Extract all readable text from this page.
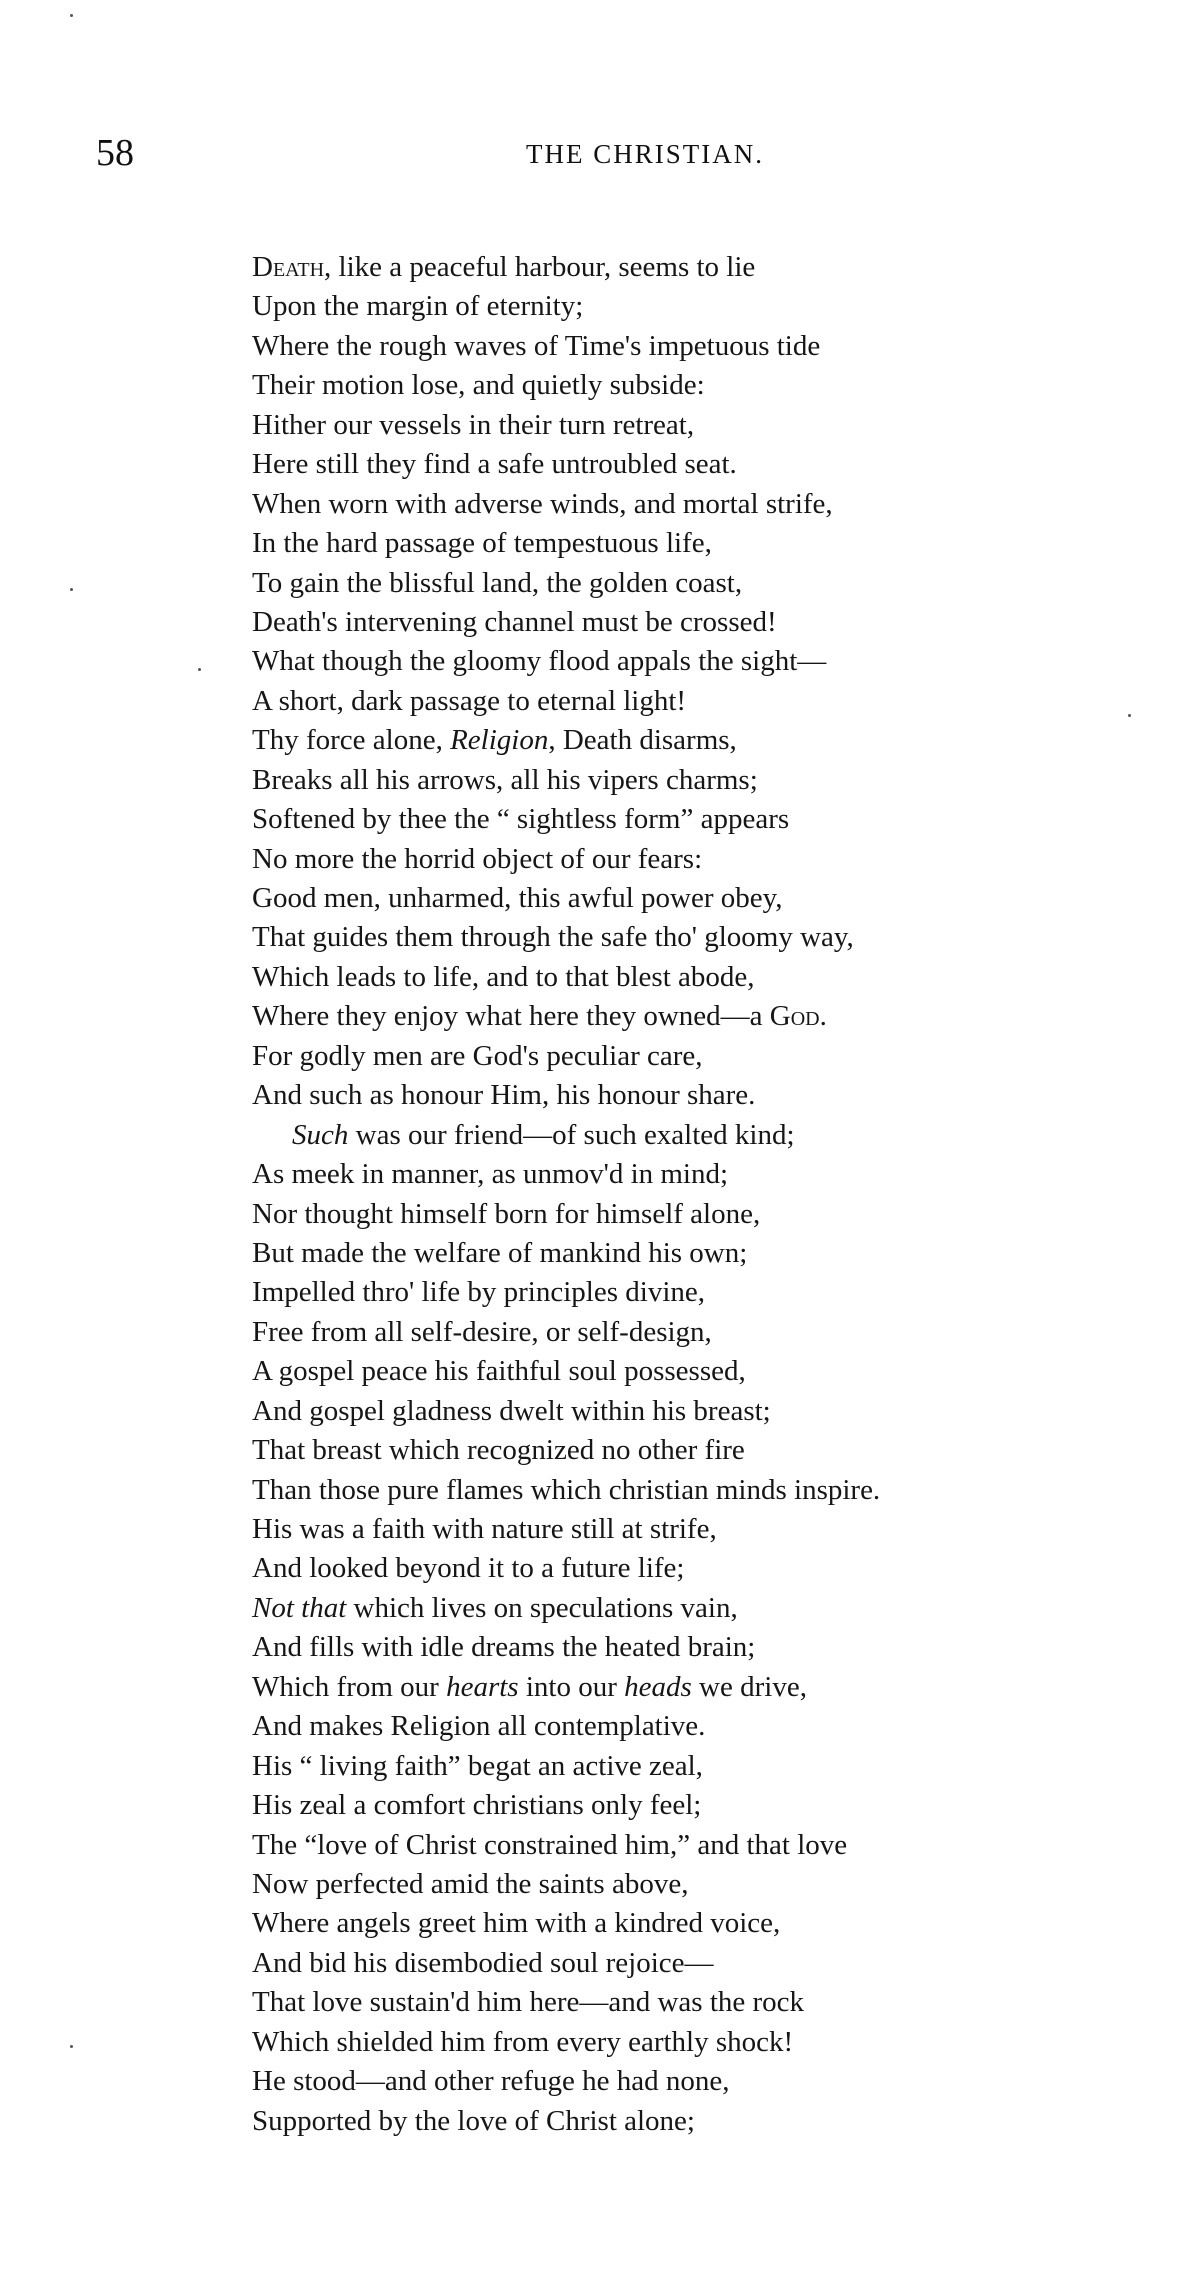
58	THE CHRISTIAN.
Death, like a peaceful harbour, seems to lie
Upon the margin of eternity;
Where the rough waves of Time's impetuous tide
Their motion lose, and quietly subside:
Hither our vessels in their turn retreat,
Here still they find a safe untroubled seat.
When worn with adverse winds, and mortal strife,
In the hard passage of tempestuous life,
To gain the blissful land, the golden coast,
Death's intervening channel must be crossed!
What though the gloomy flood appals the sight—
A short, dark passage to eternal light!
Thy force alone, Religion, Death disarms,
Breaks all his arrows, all his vipers charms;
Softened by thee the “ sightless form” appears
No more the horrid object of our fears:
Good men, unharmed, this awful power obey,
That guides them through the safe tho' gloomy way,
Which leads to life, and to that blest abode,
Where they enjoy what here they owned—a God.
For godly men are God's peculiar care,
And such as honour Him, his honour share.
Such was our friend—of such exalted kind;
As meek in manner, as unmov'd in mind;
Nor thought himself born for himself alone,
But made the welfare of mankind his own;
Impelled thro' life by principles divine,
Free from all self-desire, or self-design,
A gospel peace his faithful soul possessed,
And gospel gladness dwelt within his breast;
That breast which recognized no other fire
Than those pure flames which christian minds inspire.
His was a faith with nature still at strife,
And looked beyond it to a future life;
Not that which lives on speculations vain,
And fills with idle dreams the heated brain;
Which from our hearts into our heads we drive,
And makes Religion all contemplative.
His “ living faith” begat an active zeal,
His zeal a comfort christians only feel;
The “love of Christ constrained him,” and that love
Now perfected amid the saints above,
Where angels greet him with a kindred voice,
And bid his disembodied soul rejoice—
That love sustain'd him here—and was the rock
Which shielded him from every earthly shock!
He stood—and other refuge he had none,
Supported by the love of Christ alone;
